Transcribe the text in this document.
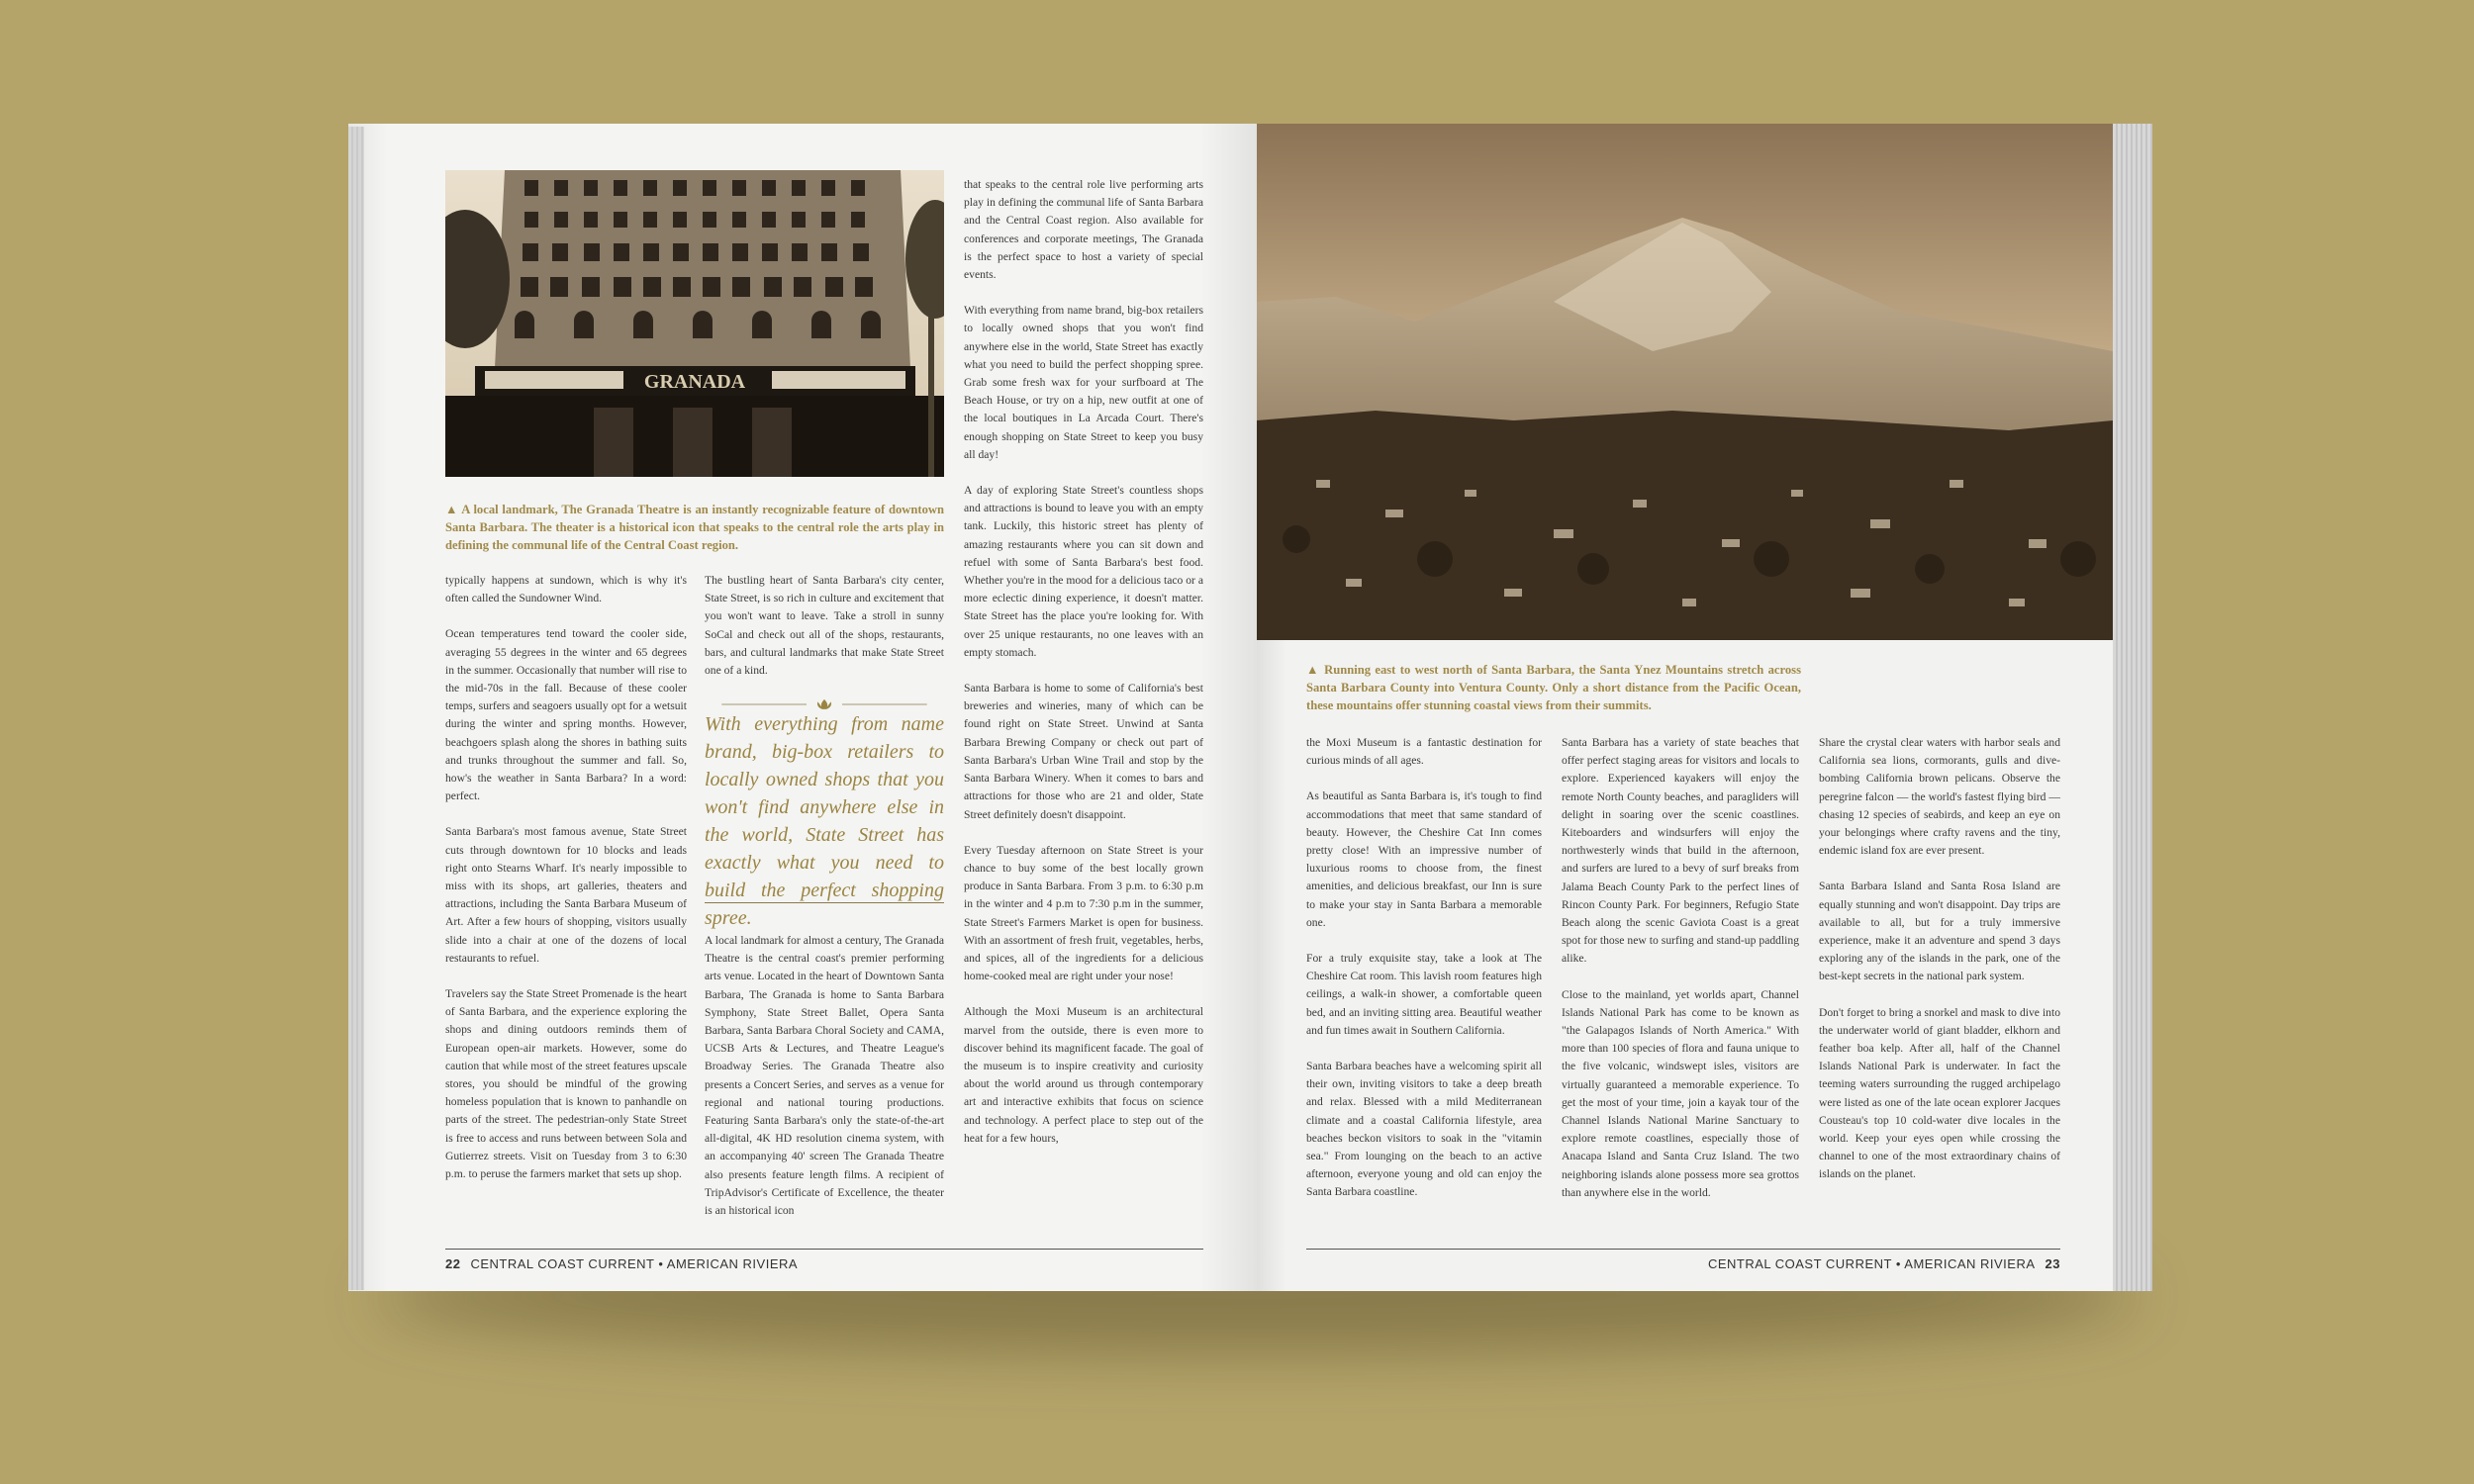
GRANADA
▲ A local landmark, The Granada Theatre is an instantly recognizable feature of downtown Santa Barbara. The theater is a historical icon that speaks to the central role the arts play in defining the communal life of the Central Coast region.

typically happens at sundown, which is why it's often called the Sundowner Wind.

Ocean temperatures tend toward the cooler side, averaging 55 degrees in the winter and 65 degrees in the summer. Occasionally that number will rise to the mid-70s in the fall. Because of these cooler temps, surfers and seagoers usually opt for a wetsuit during the winter and spring months. However, beachgoers splash along the shores in bathing suits and trunks throughout the summer and fall. So, how's the weather in Santa Barbara? In a word: perfect.

Santa Barbara's most famous avenue, State Street cuts through downtown for 10 blocks and leads right onto Stearns Wharf. It's nearly impossible to miss with its shops, art galleries, theaters and attractions, including the Santa Barbara Museum of Art. After a few hours of shopping, visitors usually slide into a chair at one of the dozens of local restaurants to refuel.

Travelers say the State Street Promenade is the heart of Santa Barbara, and the experience exploring the shops and dining outdoors reminds them of European open-air markets. However, some do caution that while most of the street features upscale stores, you should be mindful of the growing homeless population that is known to panhandle on parts of the street. The pedestrian-only State Street is free to access and runs between between Sola and Gutierrez streets. Visit on Tuesday from 3 to 6:30 p.m. to peruse the farmers market that sets up shop.

The bustling heart of Santa Barbara's city center, State Street, is so rich in culture and excitement that you won't want to leave. Take a stroll in sunny SoCal and check out all of the shops, restaurants, bars, and cultural landmarks that make State Street one of a kind.

With everything from name brand, big-box retailers to locally owned shops that you won't find anywhere else in the world, State Street has exactly what you need to build the perfect shopping spree.

A local landmark for almost a century, The Granada Theatre is the central coast's premier performing arts venue. Located in the heart of Downtown Santa Barbara, The Granada is home to Santa Barbara Symphony, State Street Ballet, Opera Santa Barbara, Santa Barbara Choral Society and CAMA, UCSB Arts & Lectures, and Theatre League's Broadway Series. The Granada Theatre also presents a Concert Series, and serves as a venue for regional and national touring productions. Featuring Santa Barbara's only the state-of-the-art all-digital, 4K HD resolution cinema system, with an accompanying 40' screen The Granada Theatre also presents feature length films. A recipient of TripAdvisor's Certificate of Excellence, the theater is an historical icon

that speaks to the central role live performing arts play in defining the communal life of Santa Barbara and the Central Coast region. Also available for conferences and corporate meetings, The Granada is the perfect space to host a variety of special events.

With everything from name brand, big-box retailers to locally owned shops that you won't find anywhere else in the world, State Street has exactly what you need to build the perfect shopping spree. Grab some fresh wax for your surfboard at The Beach House, or try on a hip, new outfit at one of the local boutiques in La Arcada Court. There's enough shopping on State Street to keep you busy all day!

A day of exploring State Street's countless shops and attractions is bound to leave you with an empty tank. Luckily, this historic street has plenty of amazing restaurants where you can sit down and refuel with some of Santa Barbara's best food. Whether you're in the mood for a delicious taco or a more eclectic dining experience, it doesn't matter. State Street has the place you're looking for. With over 25 unique restaurants, no one leaves with an empty stomach.

Santa Barbara is home to some of California's best breweries and wineries, many of which can be found right on State Street. Unwind at Santa Barbara Brewing Company or check out part of Santa Barbara's Urban Wine Trail and stop by the Santa Barbara Winery. When it comes to bars and attractions for those who are 21 and older, State Street definitely doesn't disappoint.

Every Tuesday afternoon on State Street is your chance to buy some of the best locally grown produce in Santa Barbara. From 3 p.m. to 6:30 p.m in the winter and 4 p.m to 7:30 p.m in the summer, State Street's Farmers Market is open for business. With an assortment of fresh fruit, vegetables, herbs, and spices, all of the ingredients for a delicious home-cooked meal are right under your nose!

Although the Moxi Museum is an architectural marvel from the outside, there is even more to discover behind its magnificent facade. The goal of the museum is to inspire creativity and curiosity about the world around us through contemporary art and interactive exhibits that focus on science and technology. A perfect place to step out of the heat for a few hours,

22 CENTRAL COAST CURRENT • AMERICAN RIVIERA
▲ Running east to west north of Santa Barbara, the Santa Ynez Mountains stretch across Santa Barbara County into Ventura County. Only a short distance from the Pacific Ocean, these mountains offer stunning coastal views from their summits.

the Moxi Museum is a fantastic destination for curious minds of all ages.

As beautiful as Santa Barbara is, it's tough to find accommodations that meet that same standard of beauty. However, the Cheshire Cat Inn comes pretty close! With an impressive number of luxurious rooms to choose from, the finest amenities, and delicious breakfast, our Inn is sure to make your stay in Santa Barbara a memorable one.

For a truly exquisite stay, take a look at The Cheshire Cat room. This lavish room features high ceilings, a walk-in shower, a comfortable queen bed, and an inviting sitting area. Beautiful weather and fun times await in Southern California.

Santa Barbara beaches have a welcoming spirit all their own, inviting visitors to take a deep breath and relax. Blessed with a mild Mediterranean climate and a coastal California lifestyle, area beaches beckon visitors to soak in the "vitamin sea." From lounging on the beach to an active afternoon, everyone young and old can enjoy the Santa Barbara coastline.

Santa Barbara has a variety of state beaches that offer perfect staging areas for visitors and locals to explore. Experienced kayakers will enjoy the remote North County beaches, and paragliders will delight in soaring over the scenic coastlines. Kiteboarders and windsurfers will enjoy the northwesterly winds that build in the afternoon, and surfers are lured to a bevy of surf breaks from Jalama Beach County Park to the perfect lines of Rincon County Park. For beginners, Refugio State Beach along the scenic Gaviota Coast is a great spot for those new to surfing and stand-up paddling alike.

Close to the mainland, yet worlds apart, Channel Islands National Park has come to be known as "the Galapagos Islands of North America." With more than 100 species of flora and fauna unique to the five volcanic, windswept isles, visitors are virtually guaranteed a memorable experience. To get the most of your time, join a kayak tour of the Channel Islands National Marine Sanctuary to explore remote coastlines, especially those of Anacapa Island and Santa Cruz Island. The two neighboring islands alone possess more sea grottos than anywhere else in the world.

Share the crystal clear waters with harbor seals and California sea lions, cormorants, gulls and dive-bombing California brown pelicans. Observe the peregrine falcon — the world's fastest flying bird — chasing 12 species of seabirds, and keep an eye on your belongings where crafty ravens and the tiny, endemic island fox are ever present.

Santa Barbara Island and Santa Rosa Island are equally stunning and won't disappoint. Day trips are available to all, but for a truly immersive experience, make it an adventure and spend 3 days exploring any of the islands in the park, one of the best-kept secrets in the national park system.

Don't forget to bring a snorkel and mask to dive into the underwater world of giant bladder, elkhorn and feather boa kelp. After all, half of the Channel Islands National Park is underwater. In fact the teeming waters surrounding the rugged archipelago were listed as one of the late ocean explorer Jacques Cousteau's top 10 cold-water dive locales in the world. Keep your eyes open while crossing the channel to one of the most extraordinary chains of islands on the planet.

CENTRAL COAST CURRENT • AMERICAN RIVIERA 23
